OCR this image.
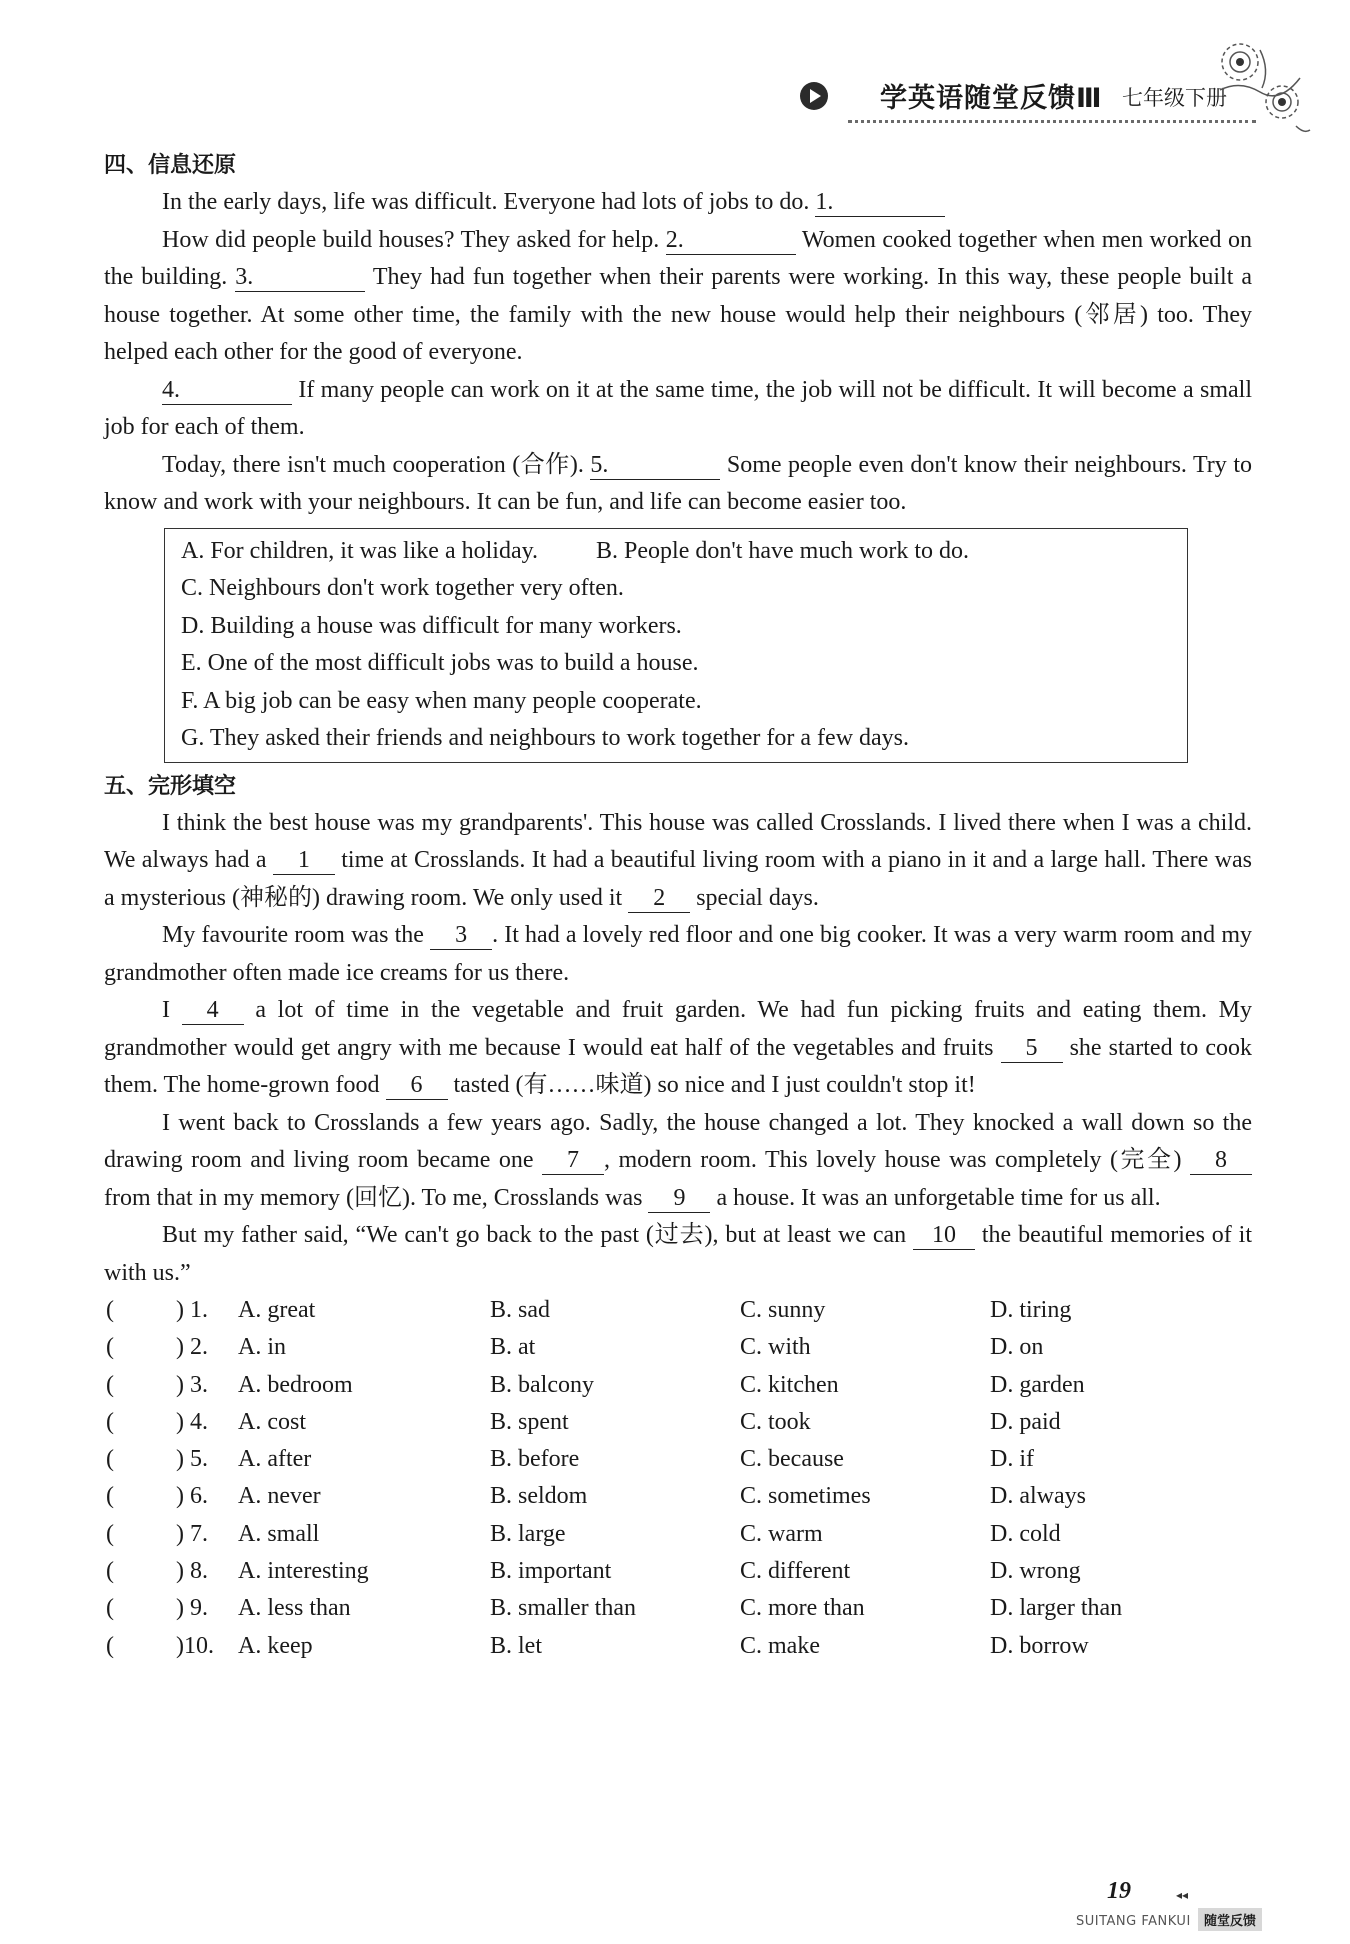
学英语随堂反馈Ⅲ 七年级下册
四、信息还原

In the early days, life was difficult. Everyone had lots of jobs to do. 1.

How did people build houses? They asked for help. 2.	Women cooked together when men worked on the building. 3.	They had fun together when their parents were working. In this way, these people built a house together. At some other time, the family with the new house would help their neighbours (邻居) too. They helped each other for the good of everyone.

4.	If many people can work on it at the same time, the job will not be difficult. It will become a small job for each of them.

Today, there isn't much cooperation (合作). 5.	Some people even don't know their neighbours. Try to know and work with your neighbours. It can be fun, and life can become easier too.

A. For children, it was like a holiday. B. People don't have much work to do.
C. Neighbours don't work together very often.
D. Building a house was difficult for many workers.
E. One of the most difficult jobs was to build a house.
F. A big job can be easy when many people cooperate.
G. They asked their friends and neighbours to work together for a few days.
五、完形填空

I think the best house was my grandparents'. This house was called Crosslands. I lived there when I was a child. We always had a 1 time at Crosslands. It had a beautiful living room with a piano in it and a large hall. There was a mysterious (神秘的) drawing room. We only used it 2 special days.

My favourite room was the 3 . It had a lovely red floor and one big cooker. It was a very warm room and my grandmother often made ice creams for us there.

I 4 a lot of time in the vegetable and fruit garden. We had fun picking fruits and eating them. My grandmother would get angry with me because I would eat half of the vegetables and fruits 5 she started to cook them. The home-grown food 6 tasted (有……味道) so nice and I just couldn't stop it!

I went back to Crosslands a few years ago. Sadly, the house changed a lot. They knocked a wall down so the drawing room and living room became one 7 , modern room. This lovely house was completely (完全) 8 from that in my memory (回忆). To me, Crosslands was 9 a house. It was an unforgetable time for us all.

But my father said, “We can't go back to the past (过去), but at least we can 10 the beautiful memories of it with us.”

(	) 1. A. great	B. sad	C. sunny	D. tiring
(	) 2. A. in	B. at	C. with	D. on
(	) 3. A. bedroom	B. balcony	C. kitchen	D. garden
(	) 4. A. cost	B. spent	C. took	D. paid
(	) 5. A. after	B. before	C. because	D. if
(	) 6. A. never	B. seldom	C. sometimes	D. always
(	) 7. A. small	B. large	C. warm	D. cold
(	) 8. A. interesting	B. important	C. different	D. wrong
(	) 9. A. less than	B. smaller than	C. more than	D. larger than
(	)10. A. keep	B. let	C. make	D. borrow
19	◂◂
SUITANG FANKUI	随堂反馈
